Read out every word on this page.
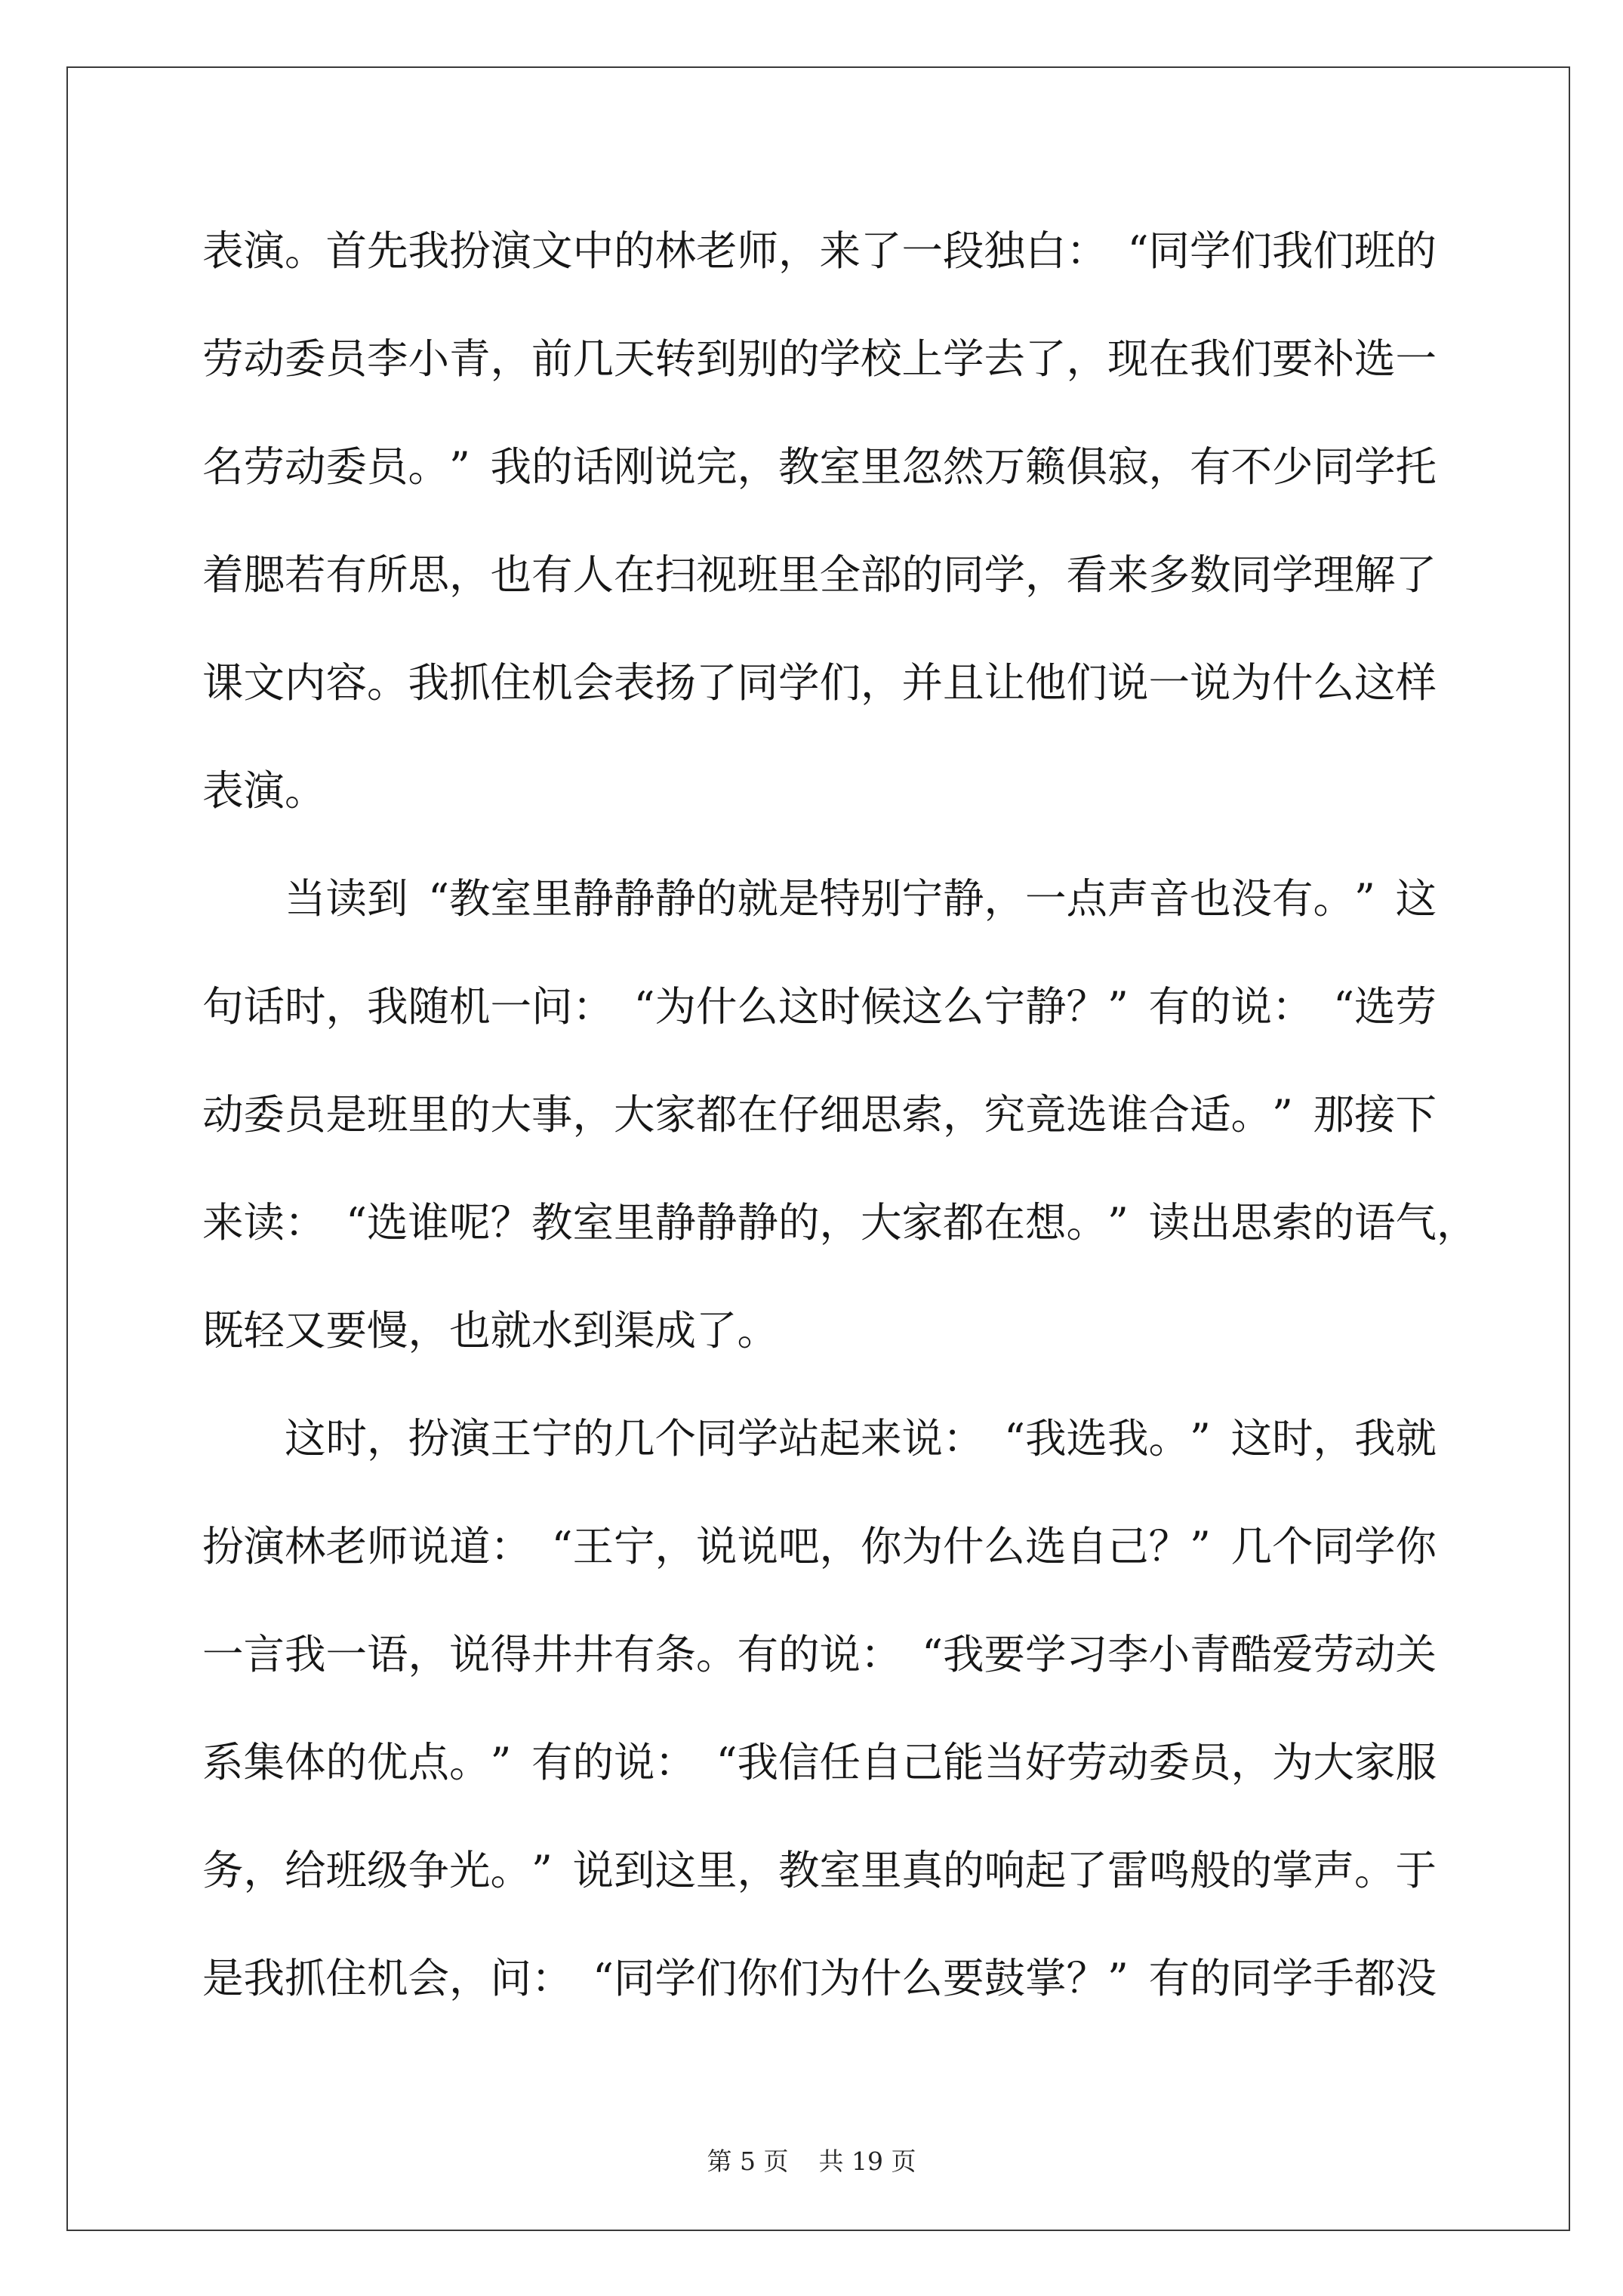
表演。首先我扮演文中的林老师，来了一段独白： “同学们我们班的
劳动委员李小青，前几天转到别的学校上学去了，现在我们要补选一
名劳动委员。” 我的话刚说完，教室里忽然万籁俱寂，有不少同学托
着腮若有所思，也有人在扫视班里全部的同学，看来多数同学理解了
课文内容。我抓住机会表扬了同学们，并且让他们说一说为什么这样
表演。
当读到 “教室里静静静的就是特别宁静，一点声音也没有。” 这
句话时，我随机一问： “为什么这时候这么宁静？” 有的说： “选劳
动委员是班里的大事，大家都在仔细思索，究竟选谁合适。” 那接下
来读： “选谁呢？教室里静静静的，大家都在想。” 读出思索的语气，
既轻又要慢，也就水到渠成了。
这时，扮演王宁的几个同学站起来说： “我选我。” 这时，我就
扮演林老师说道： “王宁，说说吧，你为什么选自己？” 几个同学你
一言我一语，说得井井有条。有的说： “我要学习李小青酷爱劳动关
系集体的优点。” 有的说： “我信任自己能当好劳动委员，为大家服
务，给班级争光。” 说到这里，教室里真的响起了雷鸣般的掌声。于
是我抓住机会，问： “同学们你们为什么要鼓掌？” 有的同学手都没
第 5 页 共 19 页
